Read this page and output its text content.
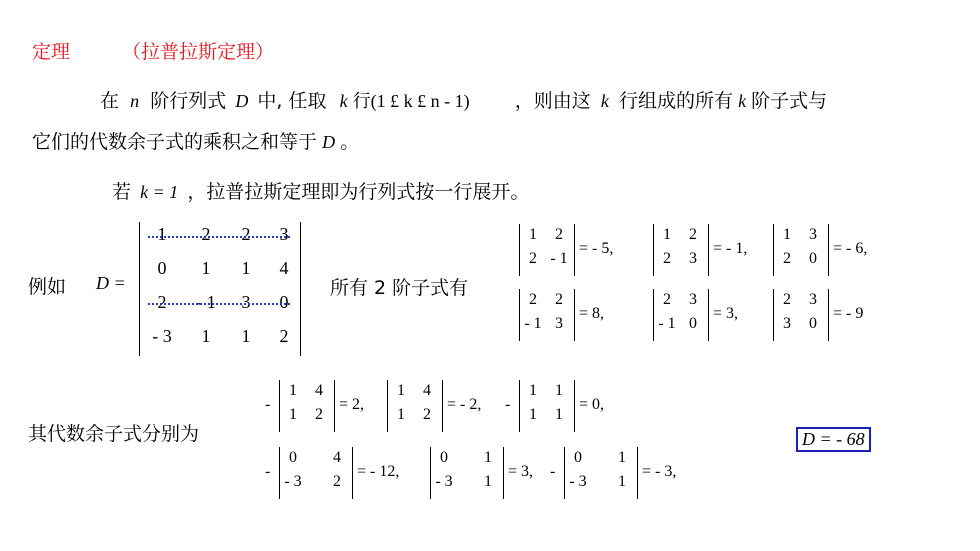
定理	（拉普拉斯定理）
在 n 阶行列式 D 中, 任取 k 行(1 £ k £ n - 1) ，则由这 k 行组成的所有 k 阶子式与
它们的代数余子式的乘积之和等于 D 。
若 k = 1 ，拉普拉斯定理即为行列式按一行展开。
例如 D =
1	2	2	3
0	1	1	4
2	- 1	3	0
- 3	1	1	2
所有 2 阶子式有
1	2
2 - 1
= - 5,
1	2
2	3
= - 1,
1	3
2	0
= - 6,
2	2
- 1 3
= 8,
2	3
- 1 0
= 3,
2	3
3	0
= - 9
其代数余子式分别为
-
1	4
1	2
= 2,
1	4
1	2
= - 2, -
1	1
1	1
= 0,
-
0	4
- 3	2
= - 12,
0	1
- 3	1
= 3, -
0	1
- 3	1
= - 3,
D = - 68
